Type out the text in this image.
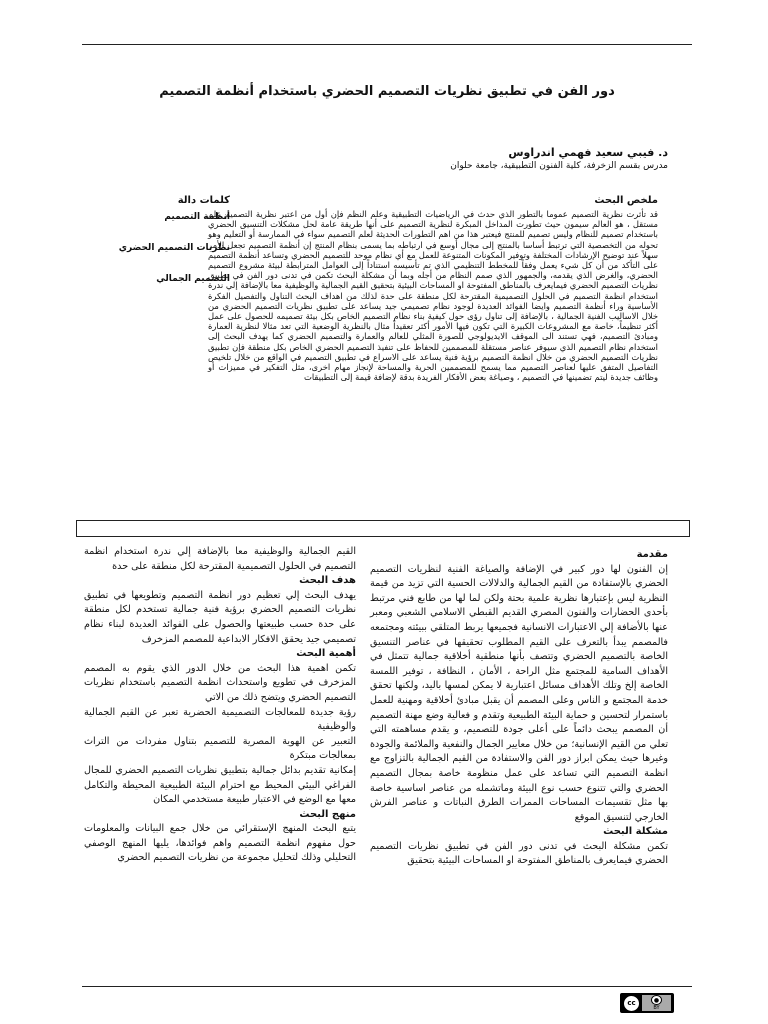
دور الفن في تطبيق نظريات التصميم الحضري باستخدام أنظمة التصميم
د. فيبي سعيد فهمي اندراوس
مدرس بقسم الزخرفة، كلية الفنون التطبيقية، جامعة حلوان
ملخص البحث

قد تأثرت نظرية التصميم عموما بالتطور الذي حدث في الرياضيات التطبيقية وعلم النظم فإن أول من اعتبر نظرية التصميم علم مستقل ، هو العالم سيمون حيث تطورت المداخل المبكرة لنظرية التصميم على أنها طريقة عامة لحل مشكلات التنسيق الحضري باستخدام تصميم للنظام وليس تصميم للمنتج فيعتبر هذا من اهم التطورات الحديثة لعلم التصميم سواء في الممارسة أو التعليم وهو تحوله من التخصصية التي ترتبط أساسا بالمنتج إلى مجال أوسع في ارتباطه بما يسمى بنظام المنتج إن أنظمة التصميم تجعل الأمر سهلاً عند توضيح الإرشادات المختلفة وتوفير المكونات المتنوعة للعمل مع أي نظام موحد للتصميم الحضري وتساعد أنظمة التصميم على التأكد من أن كل شيء يعمل وفقاً للمخطط التنظيمي الذي تم تأسيسه استناداً إلى العوامل المترابطة لبيئة مشروع التصميم الحضري، والغرض الذي يقدمه، والجمهور الذي صمم النظام من أجله وبما أن مشكلة البحث تكمن في تدنى دور الفن في تطبيق نظريات التصميم الحضري فيمايعرف بالمناطق المفتوحة او المساحات البيئية بتحقيق القيم الجمالية والوظيفية معا بالإضافة إلي ندرة استخدام انظمة التصميم في الحلول التصميمية المقترحة لكل منطقة على حدة لذلك من اهداف البحث التناول والتفصيل الفكرة الأساسية وراء أنظمة التصميم وايضا الفوائد العديدة لوجود نظام تصميمي جيد يساعد على تطبيق نظريات التصميم الحضري من خلال الاساليب الفنية الجمالية ، بالإضافة إلى تناول رؤى حول كيفية بناء نظام التصميم الخاص بكل بيئة تصميمه للحصول على عمل أكثر تنظيماً، خاصة مع المشروعات الكبيرة التي تكون فيها الأمور أكثر تعقيداً مثال بالنظرية الوضعية التي تعد مثالا لنظرية العمارة ومبادئ التصميم، فهي تستند الى الموقف الايديولوجي للصورة المثلي للعالم والعمارة والتصميم الحضري كما يهدف البحث إلى استخدام نظام التصميم الذي سيوفر عناصر مستقلة للمصممين للحفاظ على تنفيذ التصميم الحضري الخاص بكل منطقة فإن تطبيق نظريات التصميم الحضري من خلال انظمة التصميم برؤية فنية يساعد على الاسراع في تطبيق التصميم في الواقع من خلال تلخيص التفاصيل المتفق عليها لعناصر التصميم مما يسمح للمصممين الحرية والمساحة لإنجاز مهام اخرى، مثل التفكير في مميزات أو وظائف جديدة ليتم تضمينها في التصميم ، وصياغة بعض الأفكار الفريدة بدقة لإضافة قيمة إلى التطبيقات

كلمات دالة
أنظمة التصميم
نظريات التصميم الحضري
التصميم الجمالي

مقدمة

إن الفنون لها دور كبير في الإضافة والصياغة الفنية لنظريات التصميم الحضري بالإستفادة من القيم الجمالية والدلالات الحسية التي تزيد من قيمة النظرية ليس بإعتبارها نظرية علمية بحتة ولكن لما لها من طابع فني مرتبط بأحدى الحضارات والفنون المصري القديم القبطي الاسلامي الشعبي ومعبر عنها بالأضافة إلي الاعتبارات الانسانية فجميعها يربط المتلقي ببيئته ومجتمعه فالمصمم يبدأ بالتعرف على القيم المطلوب تحقيقها في عناصر التنسيق الخاصة بالتصميم الحضري وتتصف بأنها منطقية أخلاقية جمالية تتمثل في الأهداف السامية للمجتمع مثل الراحة ، الأمان ، النظافة ، توفير اللمسة الخاصة إلخ وتلك الأهداف مسائل اعتبارية لا يمكن لمسها باليد، ولكنها تحقق خدمة المجتمع و الناس وعلى المصمم أن يقبل مبادئ أخلاقية ومهنية للعمل باستمرار لتحسين و حماية البيئة الطبيعية وتقدم و فعالية وضع مهنة التصميم أن المصمم يبحث دائماً على أعلى جودة للتصميم، و يقدم مساهمته التي تعلي من القيم الإنسانية؛ من خلال معايير الجمال والنفعية والملائمة والجودة وغيرها حيث يمكن ابراز دور الفن والاستفادة من القيم الجمالية بالتزاوج مع انظمة التصميم التي تساعد على عمل منظومة خاصة بمجال التصميم الحضري والتي تتنوع حسب نوع البيئة وماتشمله من عناصر اساسية خاصة بها مثل تقسيمات المساحات الممرات الطرق النباتات و عناصر الفرش الخارجي لتنسيق الموقع

مشكلة البحث

تكمن مشكلة البحث في تدنى دور الفن في تطبيق نظريات التصميم الحضري فيمايعرف بالمناطق المفتوحة او المساحات البيئية بتحقيق

القيم الجمالية والوظيفية معا بالإضافة إلي ندرة استخدام انظمة التصميم في الحلول التصميمية المقترحة لكل منطقة على حدة

هدف البحث

يهدف البحث إلي تعظيم دور انظمة التصميم وتطويعها في تطبيق نظريات التصميم الحضري برؤية فنية جمالية تستخدم لكل منطقة على حدة حسب طبيعتها والحصول على الفوائد العديدة لبناء نظام تصميمي جيد يحقق الافكار الابداعية للمصمم المزخرف

أهمية البحث

تكمن اهمية هذا البحث من خلال الدور الذي يقوم به المصمم المزخرف في تطويع واستحداث انظمة التصميم باستخدام نظريات التصميم الحضري ويتضح ذلك من الاتي

رؤية جديدة للمعالجات التصميمية الحضرية تعبر عن القيم الجمالية والوظيفية

التعبير عن الهوية المصرية للتصميم بتناول مفردات من التراث بمعالجات مبتكرة

إمكانية تقديم بدائل جمالية بتطبيق نظريات التصميم الحضري للمجال الفراغي البيئي المحيط مع احترام البيئة الطبيعية المحيطة والتكامل معها مع الوضع في الاعتبار طبيعة مستخدمي المكان

منهج البحث

يتبع البحث المنهج الإستقرائي من خلال جمع البيانات والمعلومات حول مفهوم انظمة التصميم واهم فوائدها، يليها المنهج الوصفي التحليلي وذلك لتحليل مجموعة من نظريات التصميم الحضري

cc	●
BY
